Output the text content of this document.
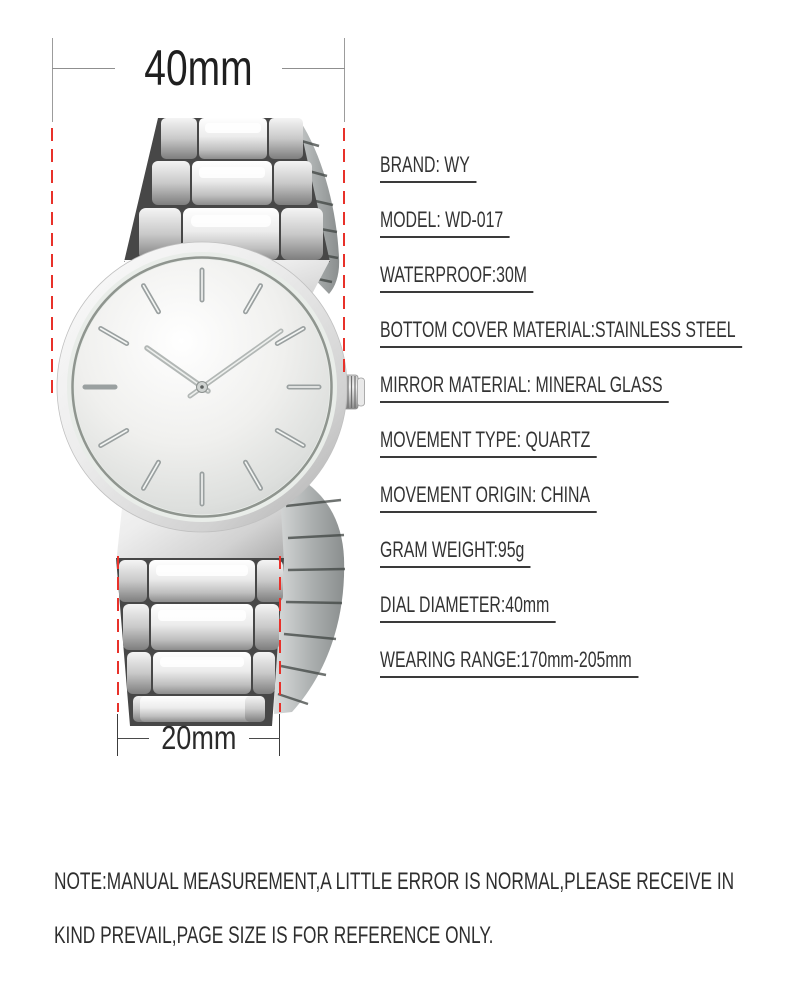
40mm
20mm
BRAND: WY
MODEL: WD-017
WATERPROOF:30M
BOTTOM COVER MATERIAL:STAINLESS STEEL
MIRROR MATERIAL: MINERAL GLASS
MOVEMENT TYPE: QUARTZ
MOVEMENT ORIGIN: CHINA
GRAM WEIGHT:95g
DIAL DIAMETER:40mm
WEARING RANGE:170mm-205mm
NOTE:MANUAL MEASUREMENT,A LITTLE ERROR IS NORMAL,PLEASE RECEIVE IN
KIND PREVAIL,PAGE SIZE IS FOR REFERENCE ONLY.
